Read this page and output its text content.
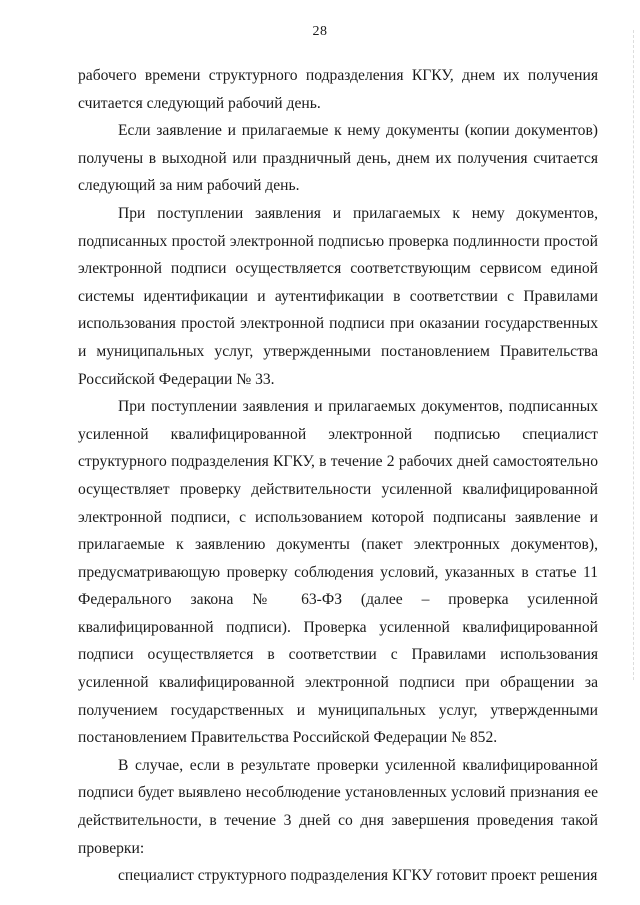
28

рабочего времени структурного подразделения КГКУ, днем их получения считается следующий рабочий день.

Если заявление и прилагаемые к нему документы (копии документов) получены в выходной или праздничный день, днем их получения считается следующий за ним рабочий день.

При поступлении заявления и прилагаемых к нему документов, подписанных простой электронной подписью проверка подлинности простой электронной подписи осуществляется соответствующим сервисом единой системы идентификации и аутентификации в соответствии с Правилами использования простой электронной подписи при оказании государственных и муниципальных услуг, утвержденными постановлением Правительства Российской Федерации № 33.

При поступлении заявления и прилагаемых документов, подписанных усиленной квалифицированной электронной подписью специалист структурного подразделения КГКУ, в течение 2 рабочих дней самостоятельно осуществляет проверку действительности усиленной квалифицированной электронной подписи, с использованием которой подписаны заявление и прилагаемые к заявлению документы (пакет электронных документов), предусматривающую проверку соблюдения условий, указанных в статье 11 Федерального закона № 63-ФЗ (далее – проверка усиленной квалифицированной подписи). Проверка усиленной квалифицированной подписи осуществляется в соответствии с Правилами использования усиленной квалифицированной электронной подписи при обращении за получением государственных и муниципальных услуг, утвержденными постановлением Правительства Российской Федерации № 852.

В случае, если в результате проверки усиленной квалифицированной подписи будет выявлено несоблюдение установленных условий признания ее действительности, в течение 3 дней со дня завершения проведения такой проверки:

специалист структурного подразделения КГКУ готовит проект решения
